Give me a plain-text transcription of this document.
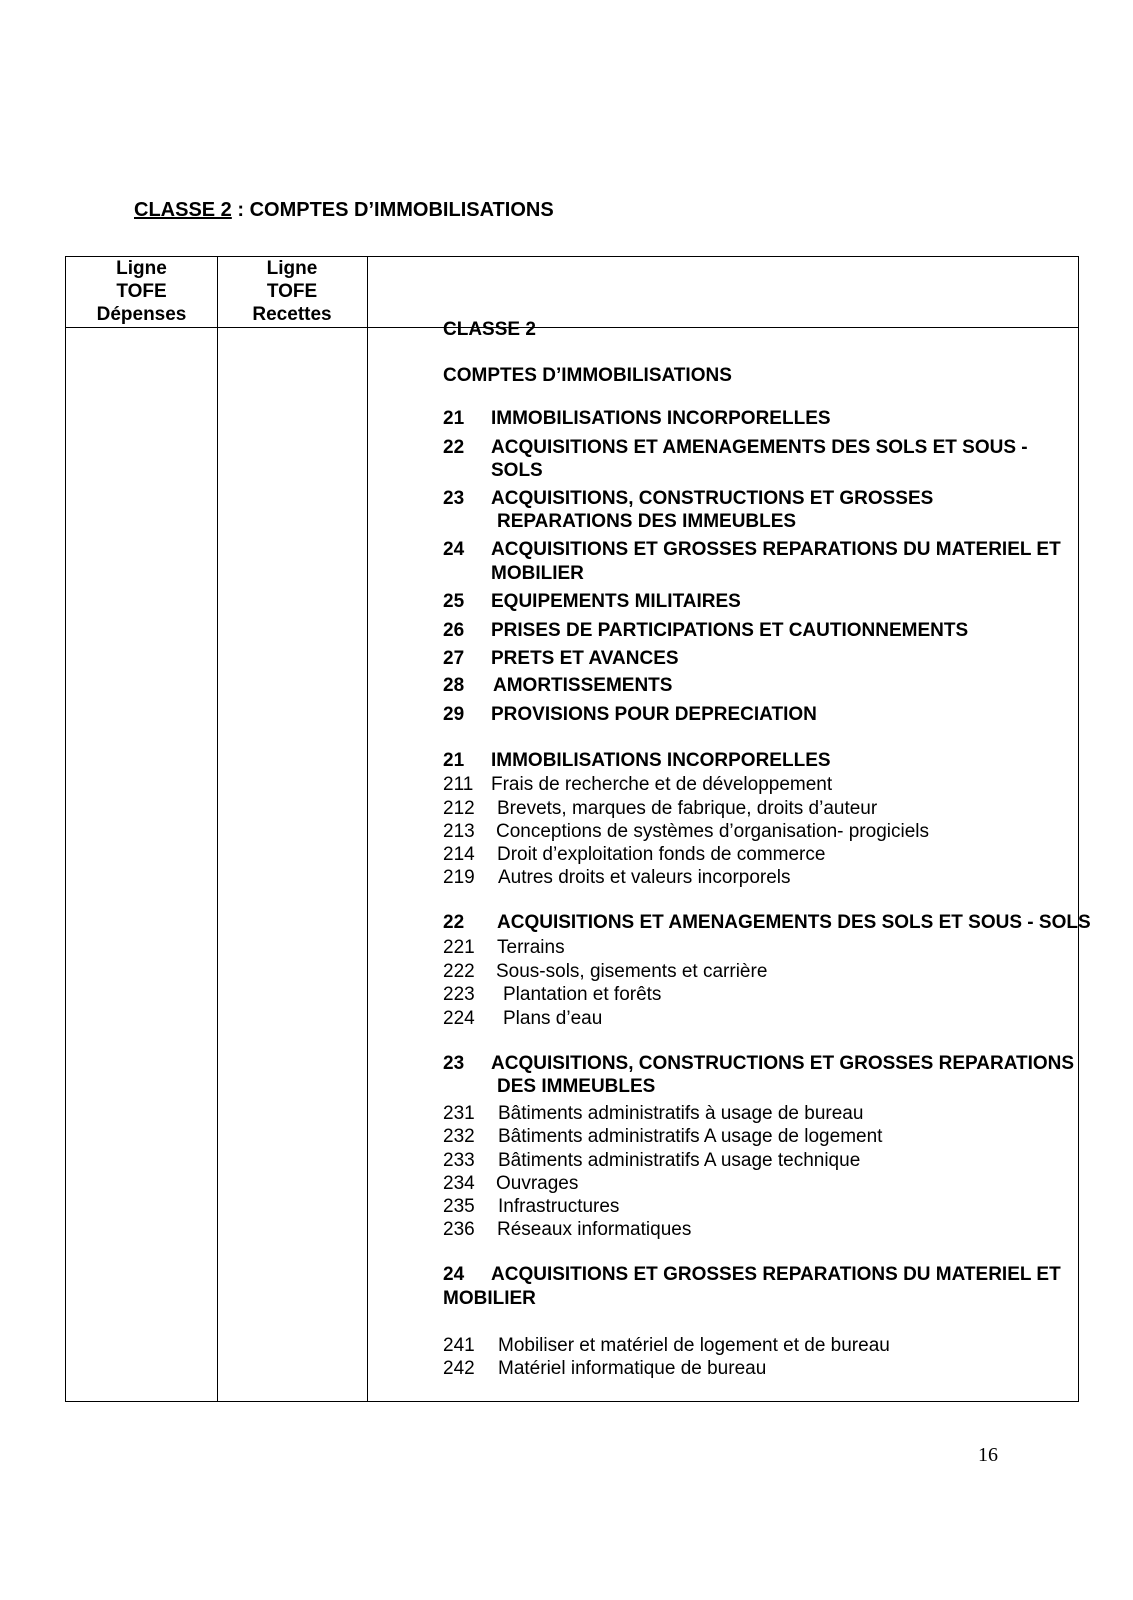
CLASSE 2 : COMPTES D’IMMOBILISATIONS
Ligne
TOFE
Dépenses
Ligne
TOFE
Recettes
CLASSE 2
COMPTES D’IMMOBILISATIONS
21 IMMOBILISATIONS INCORPORELLES
22 ACQUISITIONS ET AMENAGEMENTS DES SOLS ET SOUS -
SOLS
23 ACQUISITIONS, CONSTRUCTIONS ET GROSSES
REPARATIONS DES IMMEUBLES
24 ACQUISITIONS ET GROSSES REPARATIONS DU MATERIEL ET
MOBILIER
25 EQUIPEMENTS MILITAIRES
26 PRISES DE PARTICIPATIONS ET CAUTIONNEMENTS
27 PRETS ET AVANCES
28 AMORTISSEMENTS
29 PROVISIONS POUR DEPRECIATION
21 IMMOBILISATIONS INCORPORELLES
211 Frais de recherche et de développement
212 Brevets, marques de fabrique, droits d’auteur
213 Conceptions de systèmes d’organisation- progiciels
214 Droit d’exploitation fonds de commerce
219 Autres droits et valeurs incorporels
22 ACQUISITIONS ET AMENAGEMENTS DES SOLS ET SOUS - SOLS
221 Terrains
222 Sous-sols, gisements et carrière
223 Plantation et forêts
224 Plans d’eau
23 ACQUISITIONS, CONSTRUCTIONS ET GROSSES REPARATIONS
DES IMMEUBLES
231 Bâtiments administratifs à usage de bureau
232 Bâtiments administratifs A usage de logement
233 Bâtiments administratifs A usage technique
234 Ouvrages
235 Infrastructures
236 Réseaux informatiques
24 ACQUISITIONS ET GROSSES REPARATIONS DU MATERIEL ET
MOBILIER
241 Mobiliser et matériel de logement et de bureau
242 Matériel informatique de bureau
16
